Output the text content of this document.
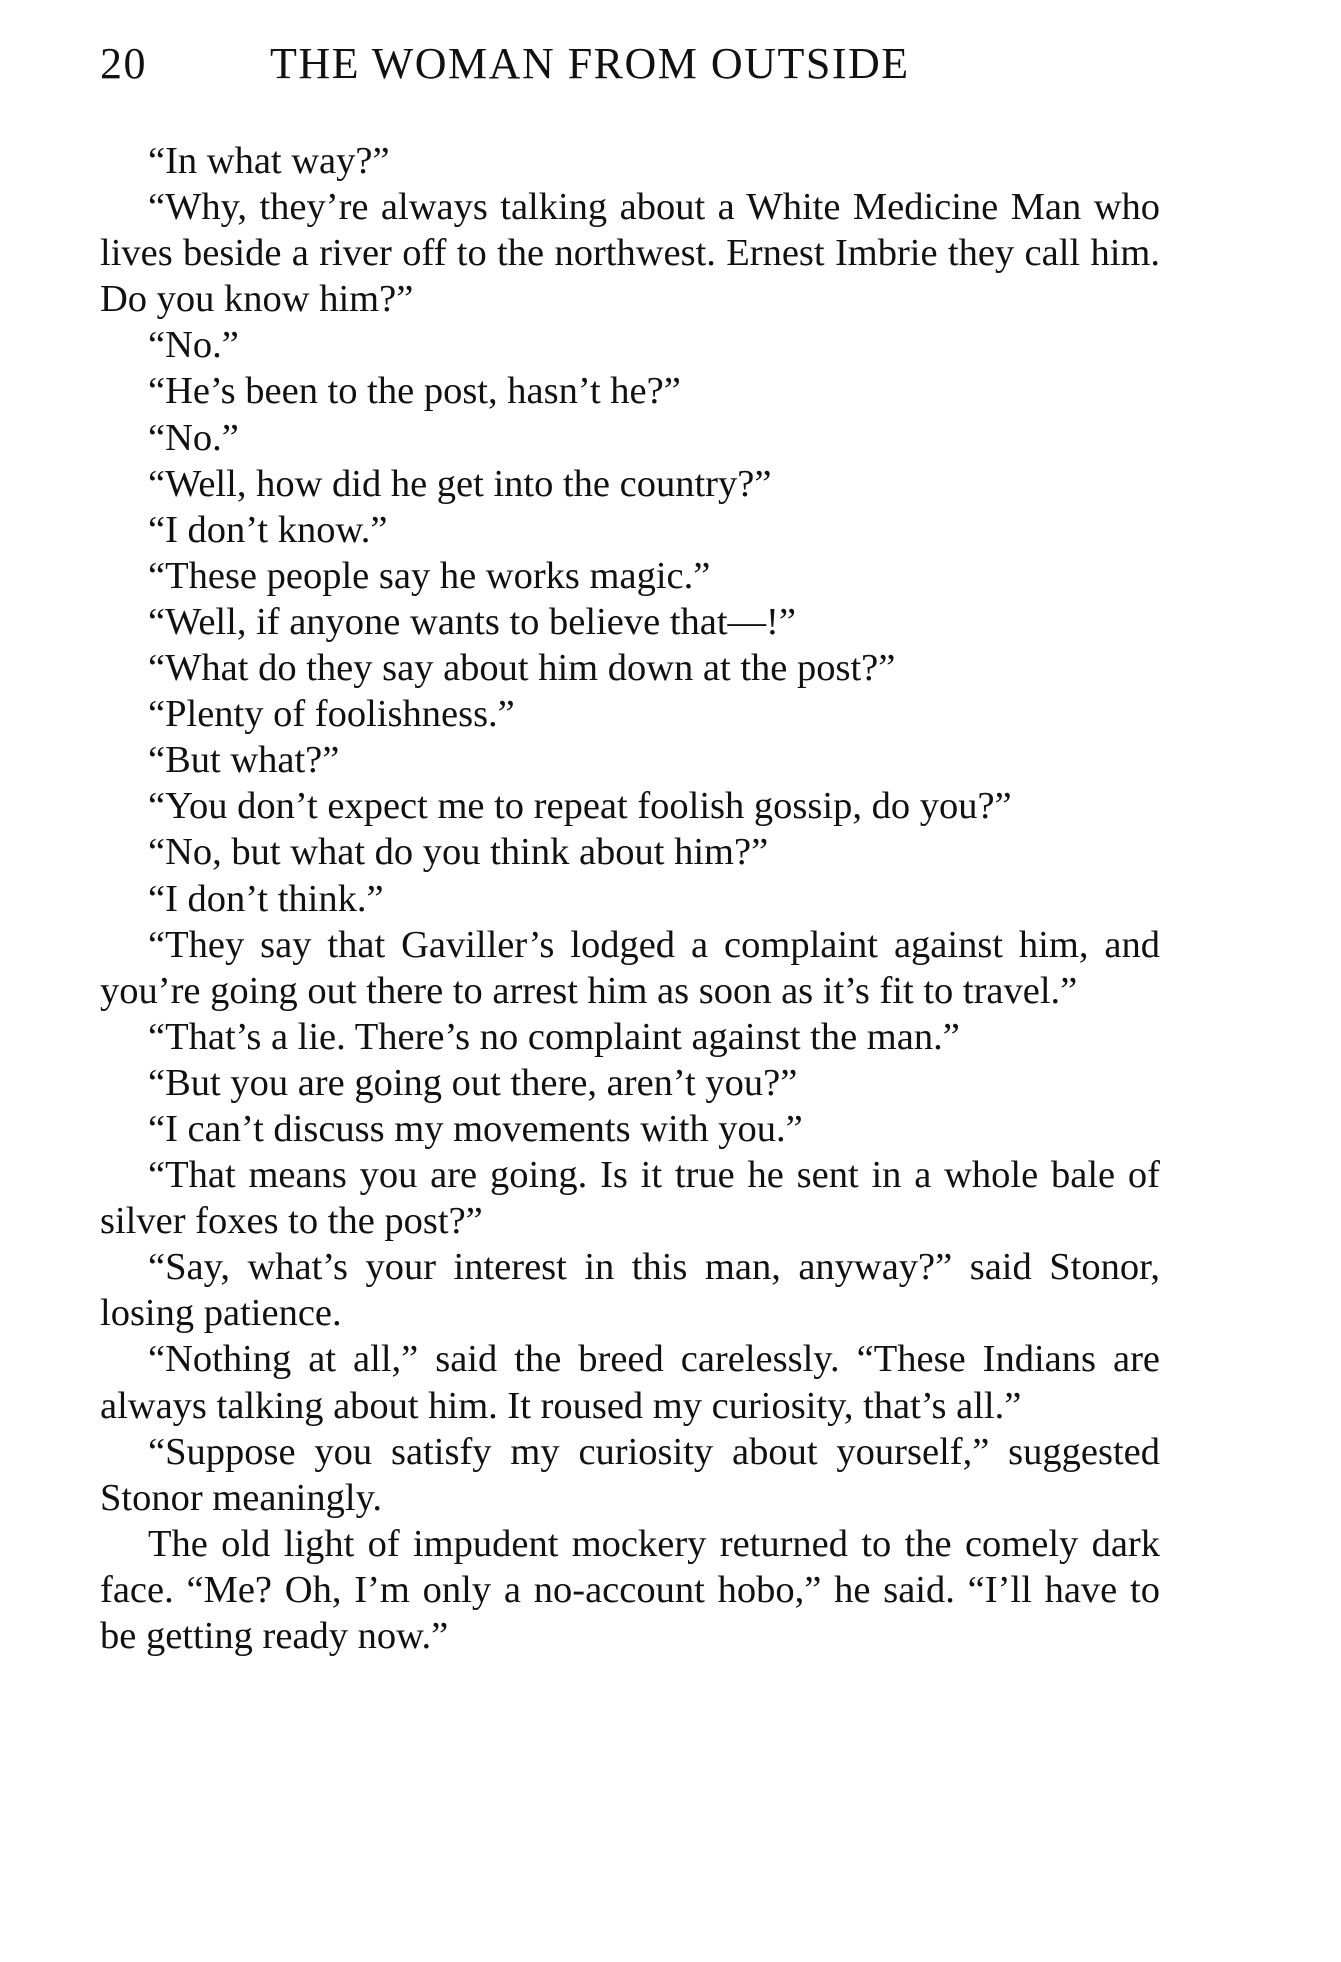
20	THE WOMAN FROM OUTSIDE

“In what way?”

“Why, they’re always talking about a White Medicine Man who lives beside a river off to the northwest. Ernest Imbrie they call him. Do you know him?”

“No.”

“He’s been to the post, hasn’t he?”

“No.”

“Well, how did he get into the country?”

“I don’t know.”

“These people say he works magic.”

“Well, if anyone wants to believe that—!”

“What do they say about him down at the post?”

“Plenty of foolishness.”

“But what?”

“You don’t expect me to repeat foolish gossip, do you?”

“No, but what do you think about him?”

“I don’t think.”

“They say that Gaviller’s lodged a complaint against him, and you’re going out there to arrest him as soon as it’s fit to travel.”

“That’s a lie. There’s no complaint against the man.”

“But you are going out there, aren’t you?”

“I can’t discuss my movements with you.”

“That means you are going. Is it true he sent in a whole bale of silver foxes to the post?”

“Say, what’s your interest in this man, anyway?” said Stonor, losing patience.

“Nothing at all,” said the breed carelessly. “These Indians are always talking about him. It roused my curiosity, that’s all.”

“Suppose you satisfy my curiosity about yourself,” suggested Stonor meaningly.

The old light of impudent mockery returned to the comely dark face. “Me? Oh, I’m only a no-account hobo,” he said. “I’ll have to be getting ready now.”
